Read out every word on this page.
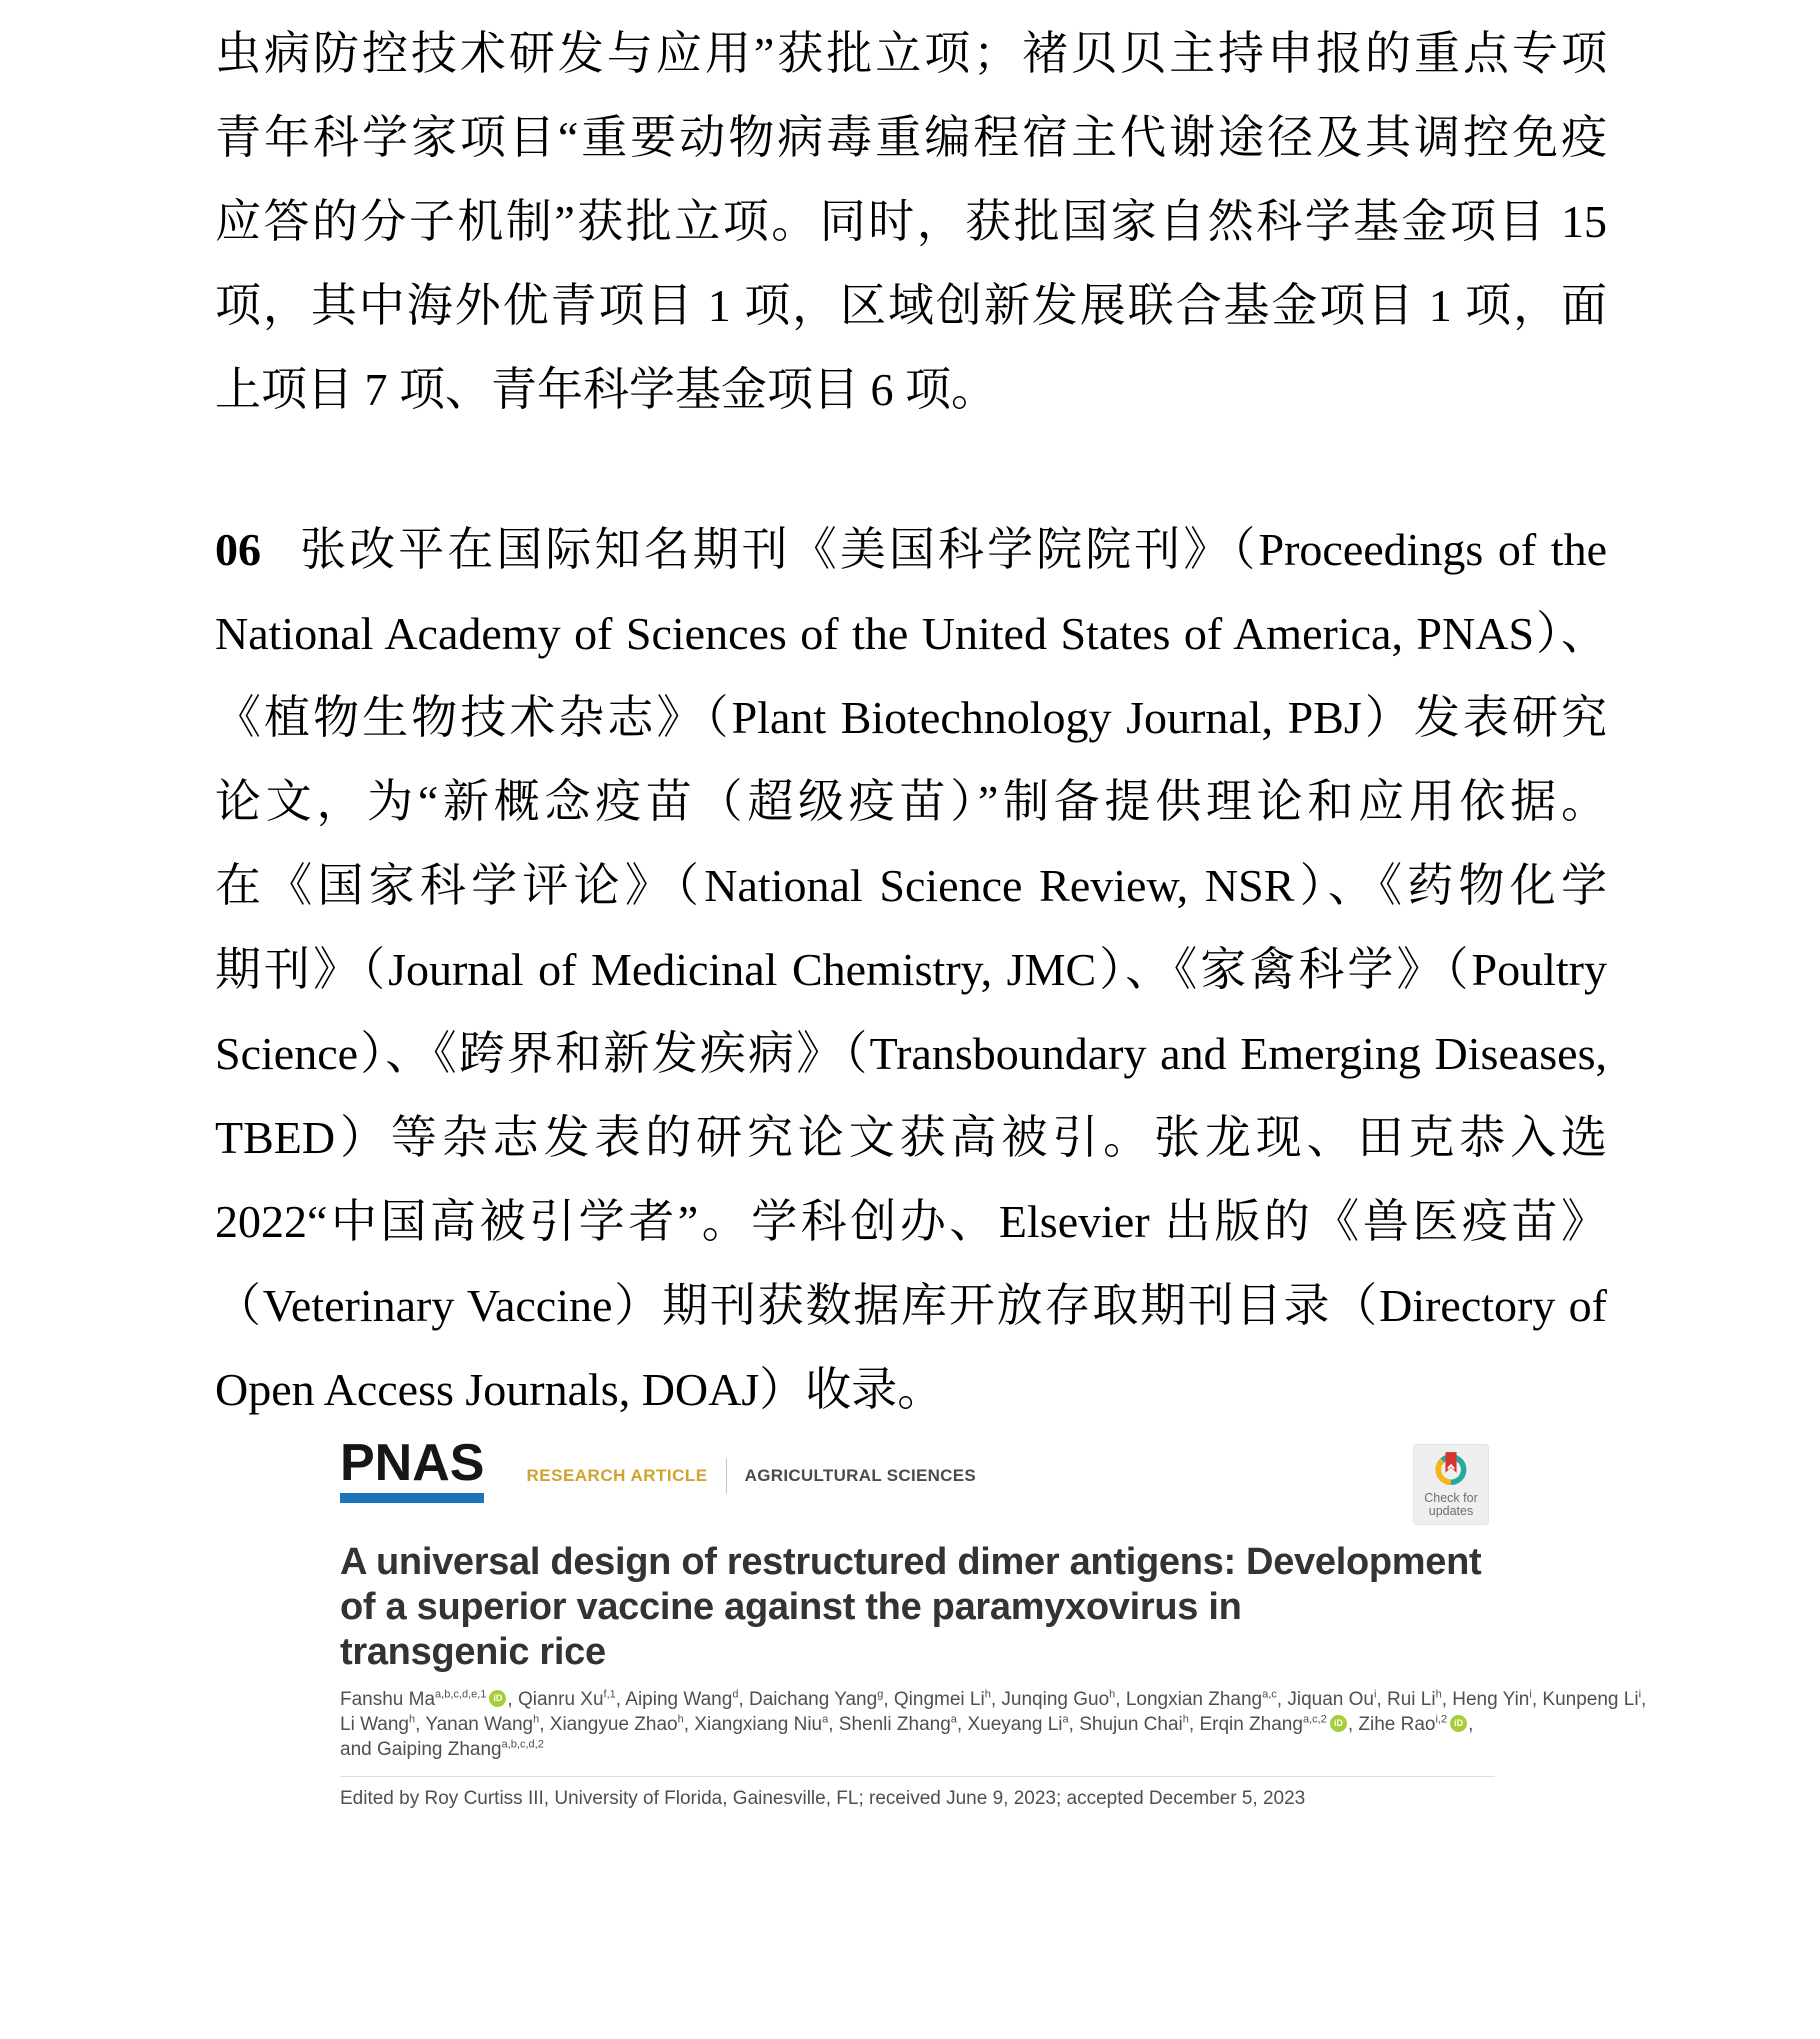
虫病防控技术研发与应用”获批立项；褚贝贝主持申报的重点专项
青年科学家项目“重要动物病毒重编程宿主代谢途径及其调控免疫
应答的分子机制”获批立项。同时，获批国家自然科学基金项目 15
项，其中海外优青项目 1 项，区域创新发展联合基金项目 1 项，面
上项目 7 项、青年科学基金项目 6 项。
06 张改平在国际知名期刊《美国科学院院刊》（Proceedings of the
National Academy of Sciences of the United States of America, PNAS）、
《植物生物技术杂志》（Plant Biotechnology Journal, PBJ）发表研究
论文，为“新概念疫苗（超级疫苗）”制备提供理论和应用依据。
在《国家科学评论》（National Science Review, NSR）、《药物化学
期刊》（Journal of Medicinal Chemistry, JMC）、《家禽科学》（Poultry
Science）、《跨界和新发疾病》（Transboundary and Emerging Diseases,
TBED）等杂志发表的研究论文获高被引。张龙现、田克恭入选
2022“中国高被引学者”。学科创办、Elsevier 出版的《兽医疫苗》
（Veterinary Vaccine）期刊获数据库开放存取期刊目录（Directory of
Open Access Journals, DOAJ）收录。
PNAS RESEARCH ARTICLE AGRICULTURAL SCIENCES
Check for
updates
A universal design of restructured dimer antigens: Development
of a superior vaccine against the paramyxovirus in
transgenic rice
Fanshu Ma$^{a,b,c,d,e,1}$ iD , Qianru Xu$^{f,1}$, Aiping Wang$^d$, Daichang Yang$^g$, Qingmei Li$^h$, Junqing Guo$^h$, Longxian Zhang$^{a,c}$, Jiquan Ou$^i$, Rui Li$^h$, Heng Yin$^i$, Kunpeng Li$^i$,
Li Wang$^h$, Yanan Wang$^h$, Xiangyue Zhao$^h$, Xiangxiang Niu$^a$, Shenli Zhang$^a$, Xueyang Li$^a$, Shujun Chai$^h$, Erqin Zhang$^{a,c,2}$ iD , Zihe Rao$^{i,2}$ iD ,
and Gaiping Zhang$^{a,b,c,d,2}$
Edited by Roy Curtiss III, University of Florida, Gainesville, FL; received June 9, 2023; accepted December 5, 2023
